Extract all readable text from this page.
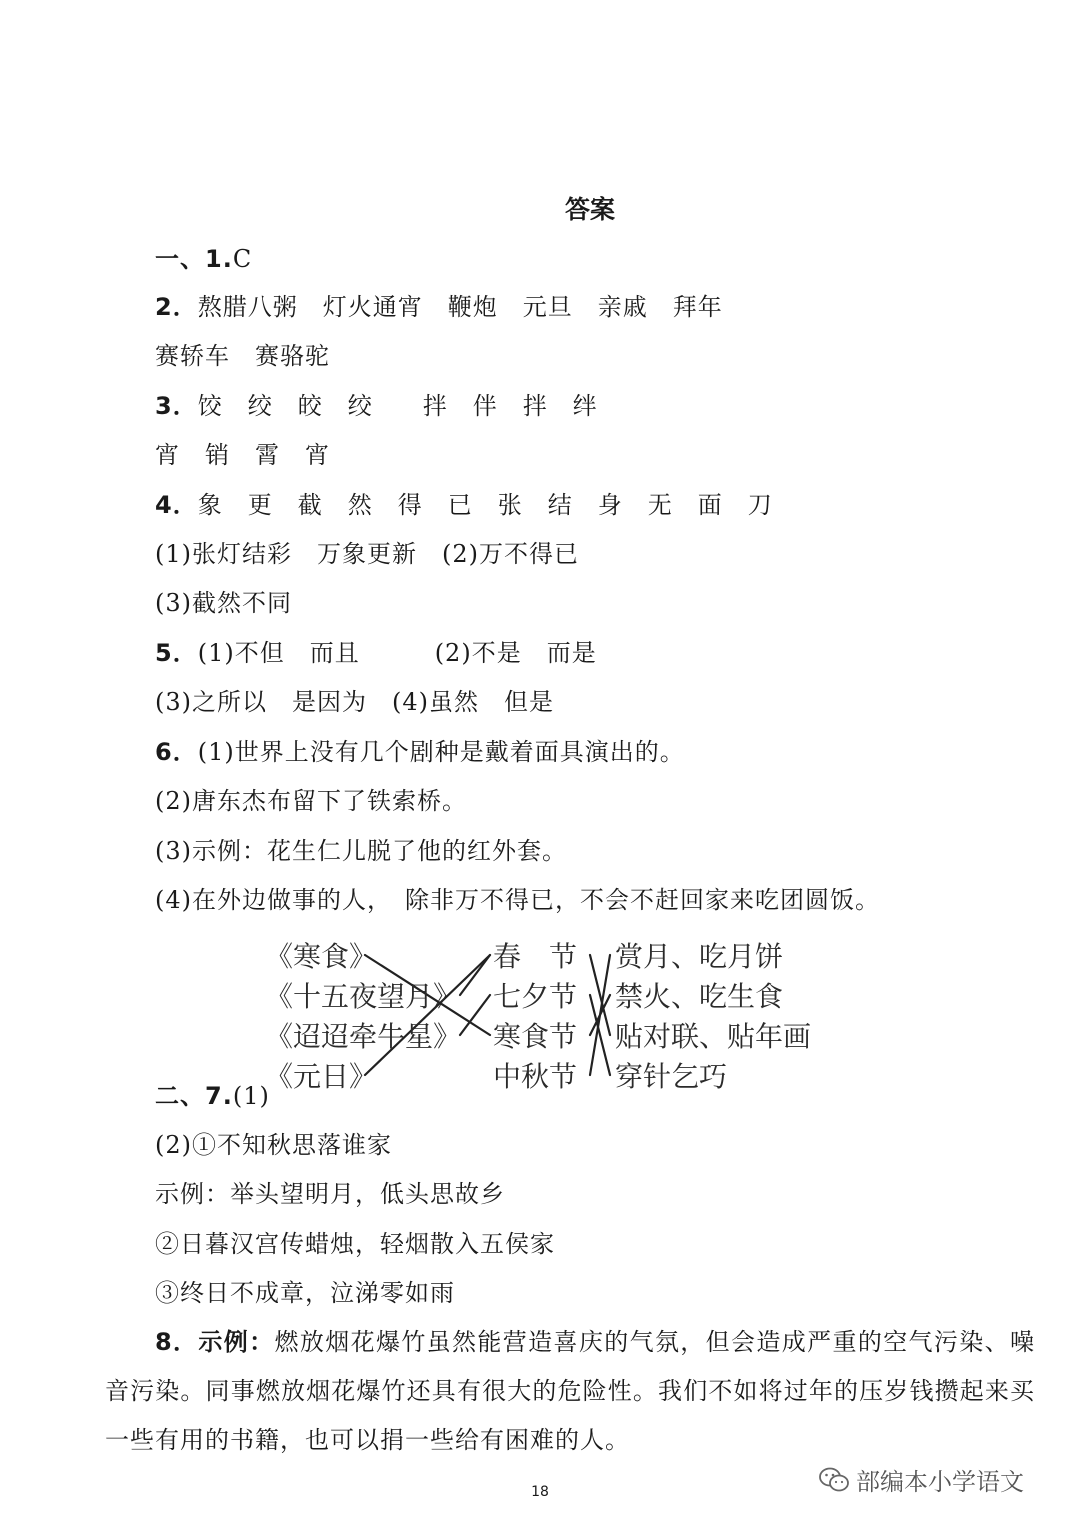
答案
一、1.C
2．熬腊八粥　灯火通宵　鞭炮　元旦　亲戚　拜年
赛轿车　赛骆驼
3．饺　绞　皎　绞　　拌　伴　拌　绊
宵　销　霄　宵
4．象　更　截　然　得　已　张　结　身　无　面　刀
(1)张灯结彩　万象更新　(2)万不得已
(3)截然不同
5．(1)不但　而且　　　(2)不是　而是
(3)之所以　是因为　(4)虽然　但是
6．(1)世界上没有几个剧种是戴着面具演出的。
(2)唐东杰布留下了铁索桥。
(3)示例：花生仁儿脱了他的红外套。
(4)在外边做事的人，　除非万不得已，不会不赶回家来吃团圆饭。
《寒食》
《十五夜望月》
《迢迢牵牛星》
《元日》
春　节
七夕节
寒食节
中秋节
赏月、吃月饼
禁火、吃生食
贴对联、贴年画
穿针乞巧
二、7.(1)
(2)①不知秋思落谁家
示例：举头望明月，低头思故乡
②日暮汉宫传蜡烛，轻烟散入五侯家
③终日不成章，泣涕零如雨
8．示例：燃放烟花爆竹虽然能营造喜庆的气氛，但会造成严重的空气污染、噪音污染。同事燃放烟花爆竹还具有很大的危险性。我们不如将过年的压岁钱攒起来买一些有用的书籍，也可以捐一些给有困难的人。
18	部编本小学语文
